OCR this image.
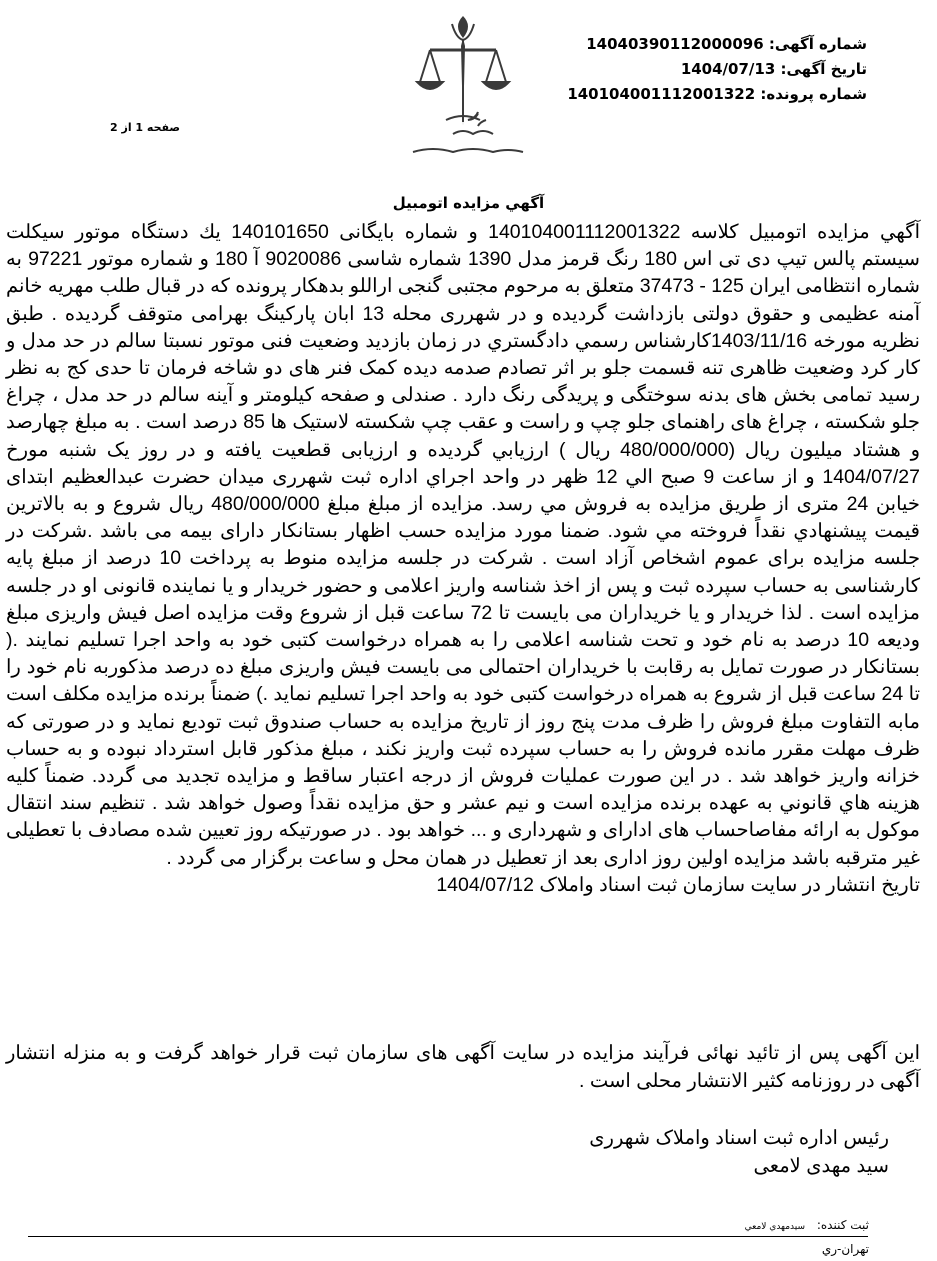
شماره آگهی: 14040390112000096
تاریخ آگهی: 1404/07/13
شماره پرونده: 140104001112001322
صفحه 1 از 2
آگهي مزايده اتومبيل

آگهي مزايده اتومبيل کلاسه 140104001112001322 و شماره بایگانی 140101650 يك دستگاه موتور سيكلت سيستم پالس تيپ دی تی اس 180 رنگ قرمز مدل 1390 شماره شاسی 9020086 آ 180 و شماره موتور 97221 به شماره انتظامی ایران 125 - 37473 متعلق به مرحوم مجتبی گنجی اراللو بدهکار پرونده که در قبال طلب مهریه خانم آمنه عظیمی و حقوق دولتی بازداشت گرديده و در شهرری محله 13 ابان پارکینگ بهرامی متوقف گرديده . طبق نظريه مورخه 1403/11/16کارشناس رسمي دادگستري در زمان بازدید وضعيت فنی موتور نسبتا سالم در حد مدل و کار کرد وضعيت ظاهری تنه قسمت جلو بر اثر تصادم صدمه دیده کمک فنر های دو شاخه فرمان تا حدی کج به نظر رسید تمامی بخش های بدنه سوختگی و پریدگی رنگ دارد . صندلی و صفحه کیلومتر و آینه سالم در حد مدل ، چراغ جلو شکسته ، چراغ های راهنمای جلو چپ و راست و عقب چپ شکسته لاستیک ها 85 درصد است . به مبلغ چهارصد و هشتاد میلیون ریال (480/000/000 ریال ) ارزيابي گرديده و ارزیابی قطعیت یافته و در روز يک شنبه مورخ 1404/07/27 و از ساعت 9 صبح الي 12 ظهر در واحد اجراي اداره ثبت شهرری میدان حضرت عبدالعظیم ابتدای خیابن 24 متری از طريق مزايده به فروش مي رسد. مزايده از مبلغ مبلغ 480/000/000 ريال شروع و به بالاترين قيمت پيشنهادي نقداً فروخته مي شود. ضمنا مورد مزایده حسب اظهار بستانكار دارای بیمه می باشد .شرکت در جلسه مزایده برای عموم اشخاص آزاد است . شرکت در جلسه مزایده منوط به پرداخت 10 درصد از مبلغ پایه کارشناسی به حساب سپرده ثبت و پس از اخذ شناسه واریز اعلامی و حضور خریدار و یا نماینده قانونی او در جلسه مزایده است . لذا خریدار و یا خریداران می بایست تا 72 ساعت قبل از شروع وقت مزایده اصل فیش واریزی مبلغ ودیعه 10 درصد به نام خود و تحت شناسه اعلامی را به همراه درخواست کتبی خود به واحد اجرا تسلیم نمایند .( بستانکار در صورت تمایل به رقابت با خریداران احتمالی می بایست فیش واریزی مبلغ ده درصد مذکوربه نام خود را تا 24 ساعت قبل از شروع به همراه درخواست کتبی خود به واحد اجرا تسلیم نماید .) ضمناً برنده مزایده مکلف است مابه التفاوت مبلغ فروش را ظرف مدت پنج روز از تاریخ مزایده به حساب صندوق ثبت تودیع نماید و در صورتی که ظرف مهلت مقرر مانده فروش را به حساب سپرده ثبت واریز نکند ، مبلغ مذکور قابل استرداد نبوده و به حساب خزانه واریز خواهد شد . در این صورت عملیات فروش از درجه اعتبار ساقط و مزایده تجدید می گردد. ضمناً كليه هزينه هاي قانوني به عهده برنده مزايده است و نيم عشر و حق مزايده نقداً وصول خواهد شد . تنظیم سند انتقال موکول به ارائه مفاصاحساب های ادارای و شهرداری و ... خواهد بود . در صورتیکه روز تعیین شده مصادف با تعطیلی غیر مترقبه باشد مزایده اولین روز اداری بعد از تعطیل در همان محل و ساعت برگزار می گردد .

تاريخ انتشار در سايت سازمان ثبت اسناد واملاک 1404/07/12

این آگهی پس از تائید نهائی فرآیند مزایده در سایت آگهی های سازمان ثبت قرار خواهد گرفت و به منزله انتشار آگهی در روزنامه کثیر الانتشار محلی است .

رئیس اداره ثبت اسناد واملاک شهرری
سید مهدی لامعی
ثبت کننده: سيدمهدي لامعي
تهران-ري
